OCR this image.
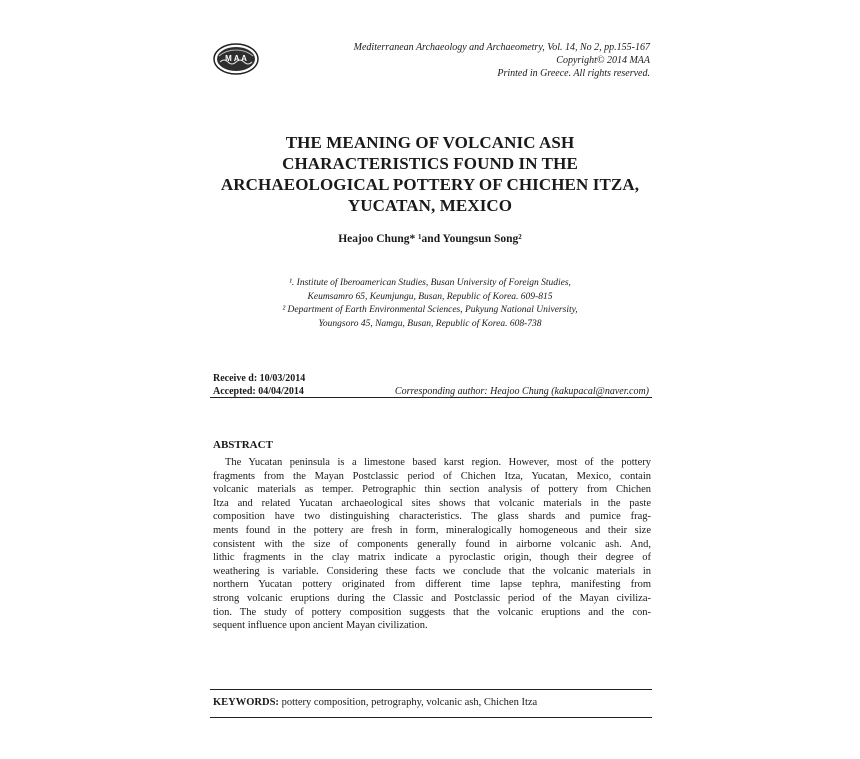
M A A
Mediterranean Archaeology and Archaeometry, Vol. 14, No 2, pp.155-167
Copyright© 2014 MAA
Printed in Greece. All rights reserved.
THE MEANING OF VOLCANIC ASH
CHARACTERISTICS FOUND IN THE
ARCHAEOLOGICAL POTTERY OF CHICHEN ITZA,
YUCATAN, MEXICO
Heajoo Chung* ¹and Youngsun Song²
¹. Institute of Iberoamerican Studies, Busan University of Foreign Studies,
Keumsamro 65, Keumjungu, Busan, Republic of Korea. 609-815
² Department of Earth Environmental Sciences, Pukyung National University,
Youngsoro 45, Namgu, Busan, Republic of Korea. 608-738
Receive d: 10/03/2014
Accepted: 04/04/2014	Corresponding author: Heajoo Chung (kakupacal@naver.com)
ABSTRACT
The Yucatan peninsula is a limestone based karst region. However, most of the pottery
fragments from the Mayan Postclassic period of Chichen Itza, Yucatan, Mexico, contain
volcanic materials as temper. Petrographic thin section analysis of pottery from Chichen
Itza and related Yucatan archaeological sites shows that volcanic materials in the paste
composition have two distinguishing characteristics. The glass shards and pumice frag-
ments found in the pottery are fresh in form, mineralogically homogeneous and their size
consistent with the size of components generally found in airborne volcanic ash. And,
lithic fragments in the clay matrix indicate a pyroclastic origin, though their degree of
weathering is variable. Considering these facts we conclude that the volcanic materials in
northern Yucatan pottery originated from different time lapse tephra, manifesting from
strong volcanic eruptions during the Classic and Postclassic period of the Mayan civiliza-
tion. The study of pottery composition suggests that the volcanic eruptions and the con-
sequent influence upon ancient Mayan civilization.
KEYWORDS: pottery composition, petrography, volcanic ash, Chichen Itza
